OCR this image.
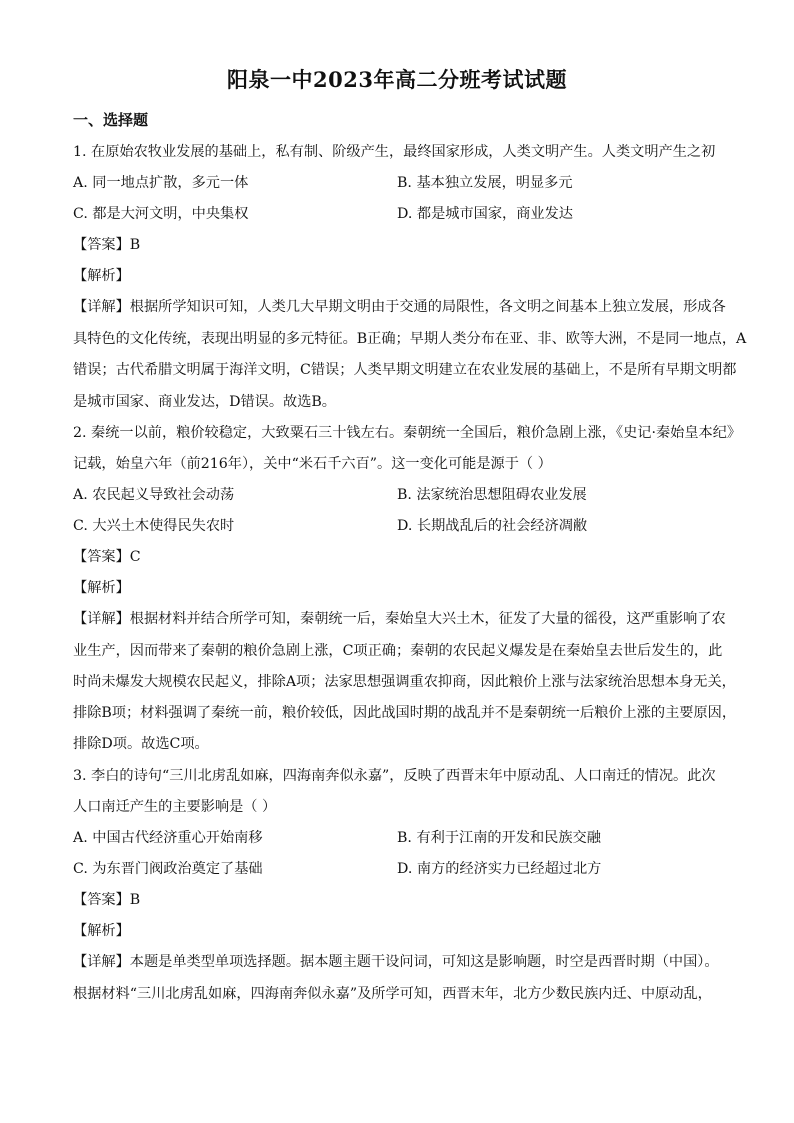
阳泉一中2023年高二分班考试试题
一、选择题
1. 在原始农牧业发展的基础上，私有制、阶级产生，最终国家形成，人类文明产生。人类文明产生之初
A. 同一地点扩散，多元一体	B. 基本独立发展，明显多元
C. 都是大河文明，中央集权	D. 都是城市国家，商业发达
【答案】B
【解析】
【详解】根据所学知识可知，人类几大早期文明由于交通的局限性，各文明之间基本上独立发展，形成各
具特色的文化传统，表现出明显的多元特征。B正确；早期人类分布在亚、非、欧等大洲，不是同一地点，A
错误；古代希腊文明属于海洋文明，C错误；人类早期文明建立在农业发展的基础上，不是所有早期文明都
是城市国家、商业发达，D错误。故选B。
2. 秦统一以前，粮价较稳定，大致粟石三十钱左右。秦朝统一全国后，粮价急剧上涨，《史记·秦始皇本纪》
记载，始皇六年（前216年），关中“米石千六百”。这一变化可能是源于（ ）
A. 农民起义导致社会动荡	B. 法家统治思想阻碍农业发展
C. 大兴土木使得民失农时	D. 长期战乱后的社会经济凋敝
【答案】C
【解析】
【详解】根据材料并结合所学可知，秦朝统一后，秦始皇大兴土木，征发了大量的徭役，这严重影响了农
业生产，因而带来了秦朝的粮价急剧上涨，C项正确；秦朝的农民起义爆发是在秦始皇去世后发生的，此
时尚未爆发大规模农民起义，排除A项；法家思想强调重农抑商，因此粮价上涨与法家统治思想本身无关，
排除B项；材料强调了秦统一前，粮价较低，因此战国时期的战乱并不是秦朝统一后粮价上涨的主要原因，
排除D项。故选C项。
3. 李白的诗句“三川北虏乱如麻，四海南奔似永嘉”，反映了西晋末年中原动乱、人口南迁的情况。此次
人口南迁产生的主要影响是（ ）
A. 中国古代经济重心开始南移	B. 有利于江南的开发和民族交融
C. 为东晋门阀政治奠定了基础	D. 南方的经济实力已经超过北方
【答案】B
【解析】
【详解】本题是单类型单项选择题。据本题主题干设问词，可知这是影响题，时空是西晋时期（中国）。
根据材料“三川北虏乱如麻，四海南奔似永嘉”及所学可知，西晋末年，北方少数民族内迁、中原动乱，
